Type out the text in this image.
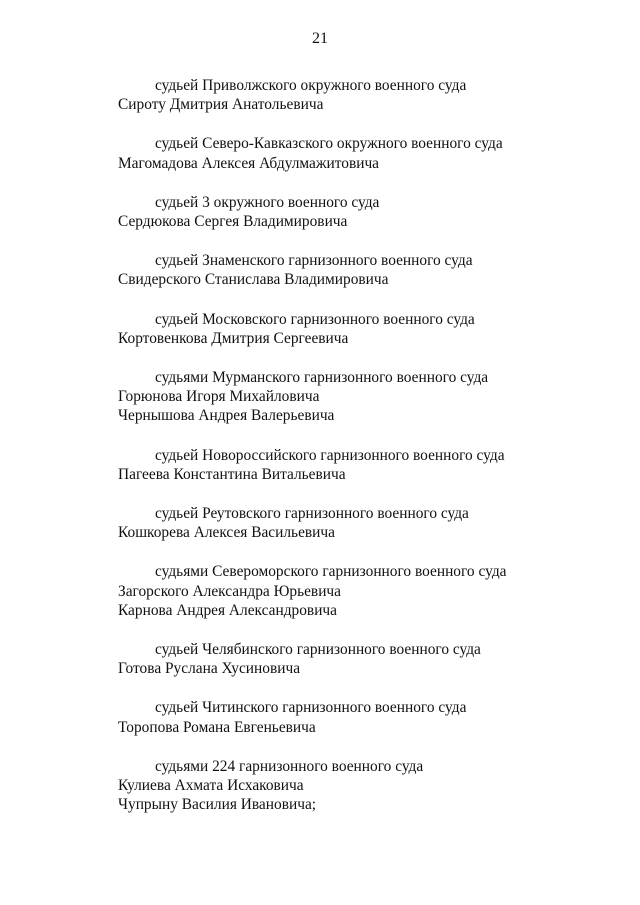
21
судьей Приволжского окружного военного суда
Сироту Дмитрия Анатольевича
судьей Северо-Кавказского окружного военного суда
Магомадова Алексея Абдулмажитовича
судьей 3 окружного военного суда
Сердюкова Сергея Владимировича
судьей Знаменского гарнизонного военного суда
Свидерского Станислава Владимировича
судьей Московского гарнизонного военного суда
Кортовенкова Дмитрия Сергеевича
судьями Мурманского гарнизонного военного суда
Горюнова Игоря Михайловича
Чернышова Андрея Валерьевича
судьей Новороссийского гарнизонного военного суда
Пагеева Константина Витальевича
судьей Реутовского гарнизонного военного суда
Кошкорева Алексея Васильевича
судьями Североморского гарнизонного военного суда
Загорского Александра Юрьевича
Карнова Андрея Александровича
судьей Челябинского гарнизонного военного суда
Готова Руслана Хусиновича
судьей Читинского гарнизонного военного суда
Торопова Романа Евгеньевича
судьями 224 гарнизонного военного суда
Кулиева Ахмата Исхаковича
Чупрыну Василия Ивановича;
